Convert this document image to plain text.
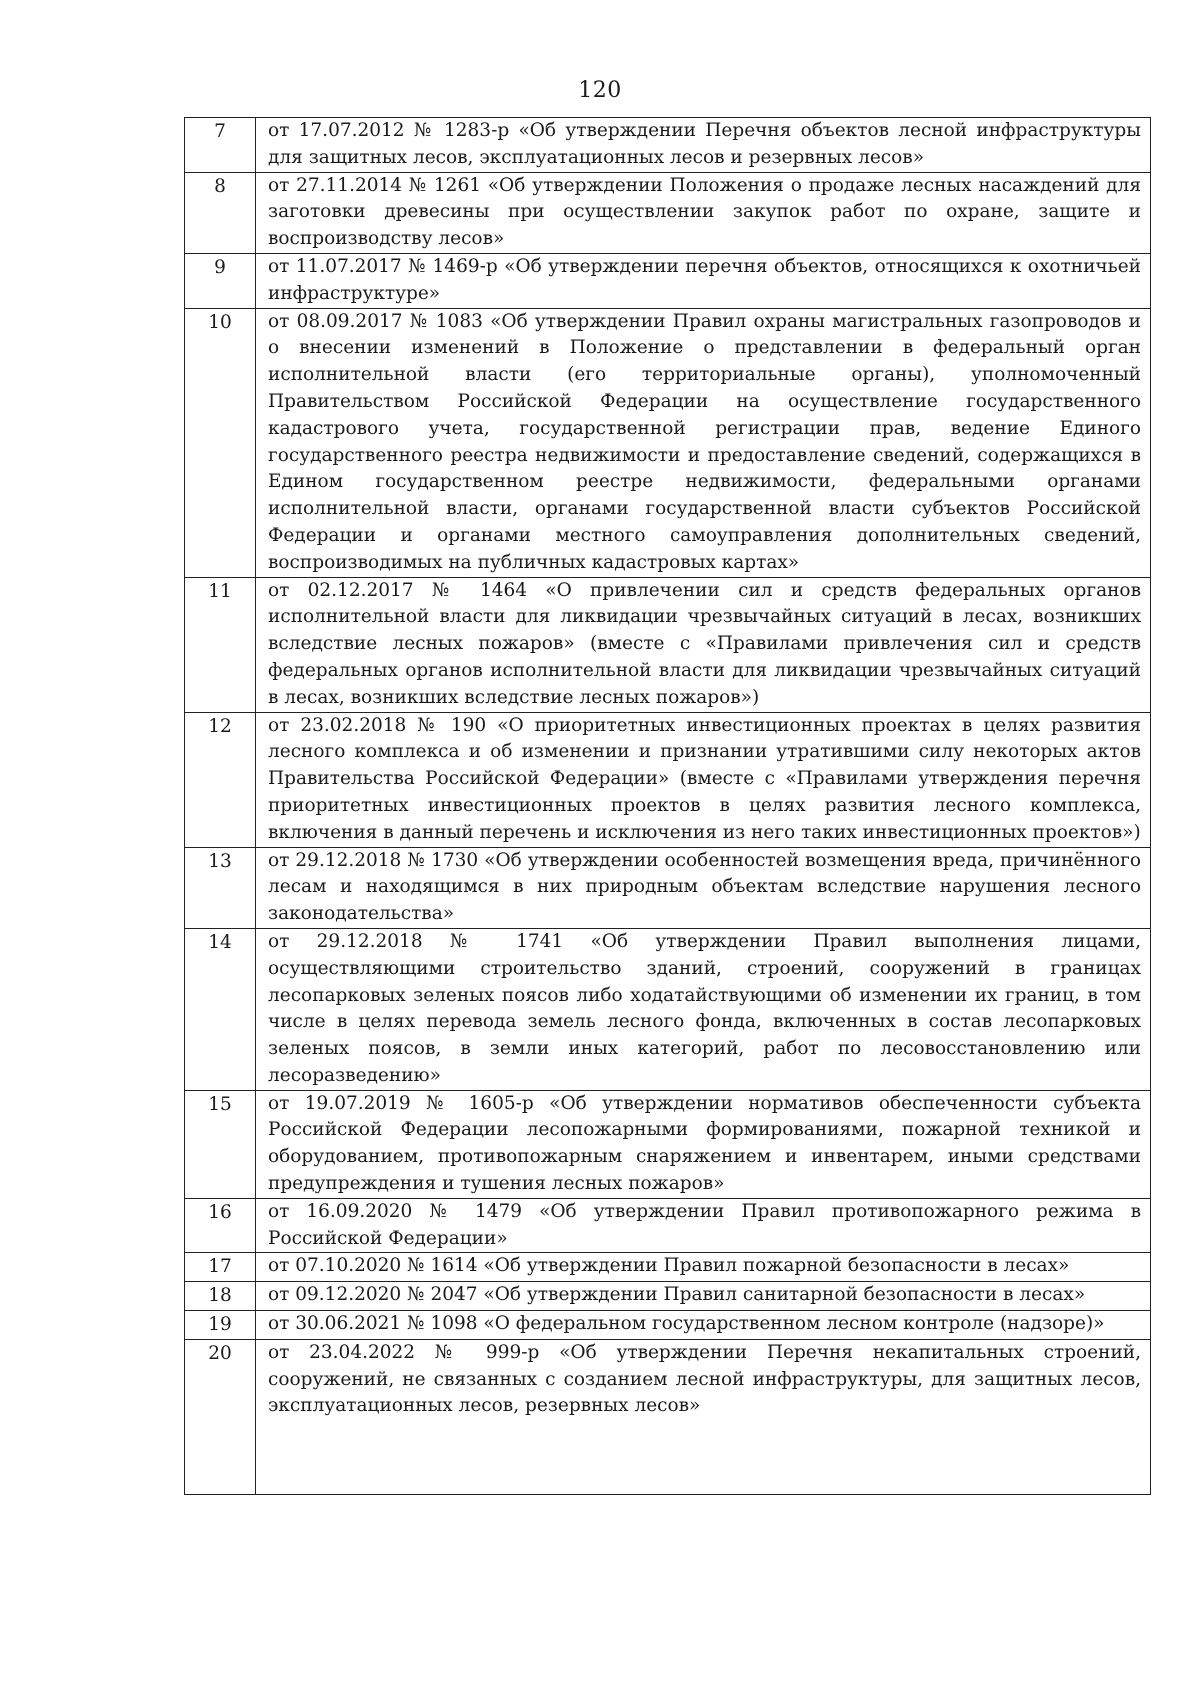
120
7	от 17.07.2012 № 1283-р «Об утверждении Перечня объектов лесной инфраструктуры для защитных лесов, эксплуатационных лесов и резервных лесов»
8	от 27.11.2014 № 1261 «Об утверждении Положения о продаже лесных насаждений для заготовки древесины при осуществлении закупок работ по охране, защите и воспроизводству лесов»
9	от 11.07.2017 № 1469-р «Об утверждении перечня объектов, относящихся к охотничьей инфраструктуре»
10	от 08.09.2017 № 1083 «Об утверждении Правил охраны магистральных газопроводов и о внесении изменений в Положение о представлении в федеральный орган исполнительной власти (его территориальные органы), уполномоченный Правительством Российской Федерации на осуществление государственного кадастрового учета, государственной регистрации прав, ведение Единого государственного реестра недвижимости и предоставление сведений, содержащихся в Едином государственном реестре недвижимости, федеральными органами исполнительной власти, органами государственной власти субъектов Российской Федерации и органами местного самоуправления дополнительных сведений, воспроизводимых на публичных кадастровых картах»
11	от 02.12.2017 № 1464 «О привлечении сил и средств федеральных органов исполнительной власти для ликвидации чрезвычайных ситуаций в лесах, возникших вследствие лесных пожаров» (вместе с «Правилами привлечения сил и средств федеральных органов исполнительной власти для ликвидации чрезвычайных ситуаций в лесах, возникших вследствие лесных пожаров»)
12	от 23.02.2018 № 190 «О приоритетных инвестиционных проектах в целях развития лесного комплекса и об изменении и признании утратившими силу некоторых актов Правительства Российской Федерации» (вместе с «Правилами утверждения перечня приоритетных инвестиционных проектов в целях развития лесного комплекса, включения в данный перечень и исключения из него таких инвестиционных проектов»)
13	от 29.12.2018 № 1730 «Об утверждении особенностей возмещения вреда, причинённого лесам и находящимся в них природным объектам вследствие нарушения лесного законодательства»
14	от 29.12.2018 № 1741 «Об утверждении Правил выполнения лицами, осуществляющими строительство зданий, строений, сооружений в границах лесопарковых зеленых поясов либо ходатайствующими об изменении их границ, в том числе в целях перевода земель лесного фонда, включенных в состав лесопарковых зеленых поясов, в земли иных категорий, работ по лесовосстановлению или лесоразведению»
15	от 19.07.2019 № 1605-р «Об утверждении нормативов обеспеченности субъекта Российской Федерации лесопожарными формированиями, пожарной техникой и оборудованием, противопожарным снаряжением и инвентарем, иными средствами предупреждения и тушения лесных пожаров»
16	от 16.09.2020 № 1479 «Об утверждении Правил противопожарного режима в Российской Федерации»
17	от 07.10.2020 № 1614 «Об утверждении Правил пожарной безопасности в лесах»
18	от 09.12.2020 № 2047 «Об утверждении Правил санитарной безопасности в лесах»
19	от 30.06.2021 № 1098 «О федеральном государственном лесном контроле (надзоре)»
20	от 23.04.2022 № 999-р «Об утверждении Перечня некапитальных строений, сооружений, не связанных с созданием лесной инфраструктуры, для защитных лесов, эксплуатационных лесов, резервных лесов»
